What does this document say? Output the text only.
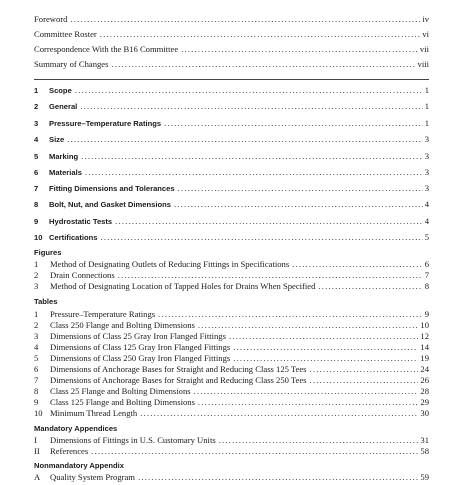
Foreword .....	iv
Committee Roster .....	vi
Correspondence With the B16 Committee .....	vii
Summary of Changes .....	viii
1	Scope .....	1
2	General .....	1
3	Pressure–Temperature Ratings .....	1
4	Size .....	3
5	Marking .....	3
6	Materials .....	3
7	Fitting Dimensions and Tolerances .....	3
8	Bolt, Nut, and Gasket Dimensions .....	4
9	Hydrostatic Tests .....	4
10 Certifications .....	5
Figures
1	Method of Designating Outlets of Reducing Fittings in Specifications .....	6
2	Drain Connections .....	7
3	Method of Designating Location of Tapped Holes for Drains When Specified .....	8
Tables
1	Pressure–Temperature Ratings .....	9
2	Class 250 Flange and Bolting Dimensions .....	10
3	Dimensions of Class 25 Gray Iron Flanged Fittings .....	12
4	Dimensions of Class 125 Gray Iron Flanged Fittings .....	14
5	Dimensions of Class 250 Gray Iron Flanged Fittings .....	19
6	Dimensions of Anchorage Bases for Straight and Reducing Class 125 Tees .....	24
7	Dimensions of Anchorage Bases for Straight and Reducing Class 250 Tees .....	26
8	Class 25 Flange and Bolting Dimensions .....	28
9	Class 125 Flange and Bolting Dimensions .....	29
10 Minimum Thread Length .....	30
Mandatory Appendices
I	Dimensions of Fittings in U.S. Customary Units .....	31
II	References .....	58
Nonmandatory Appendix
A	Quality System Program .....	59
